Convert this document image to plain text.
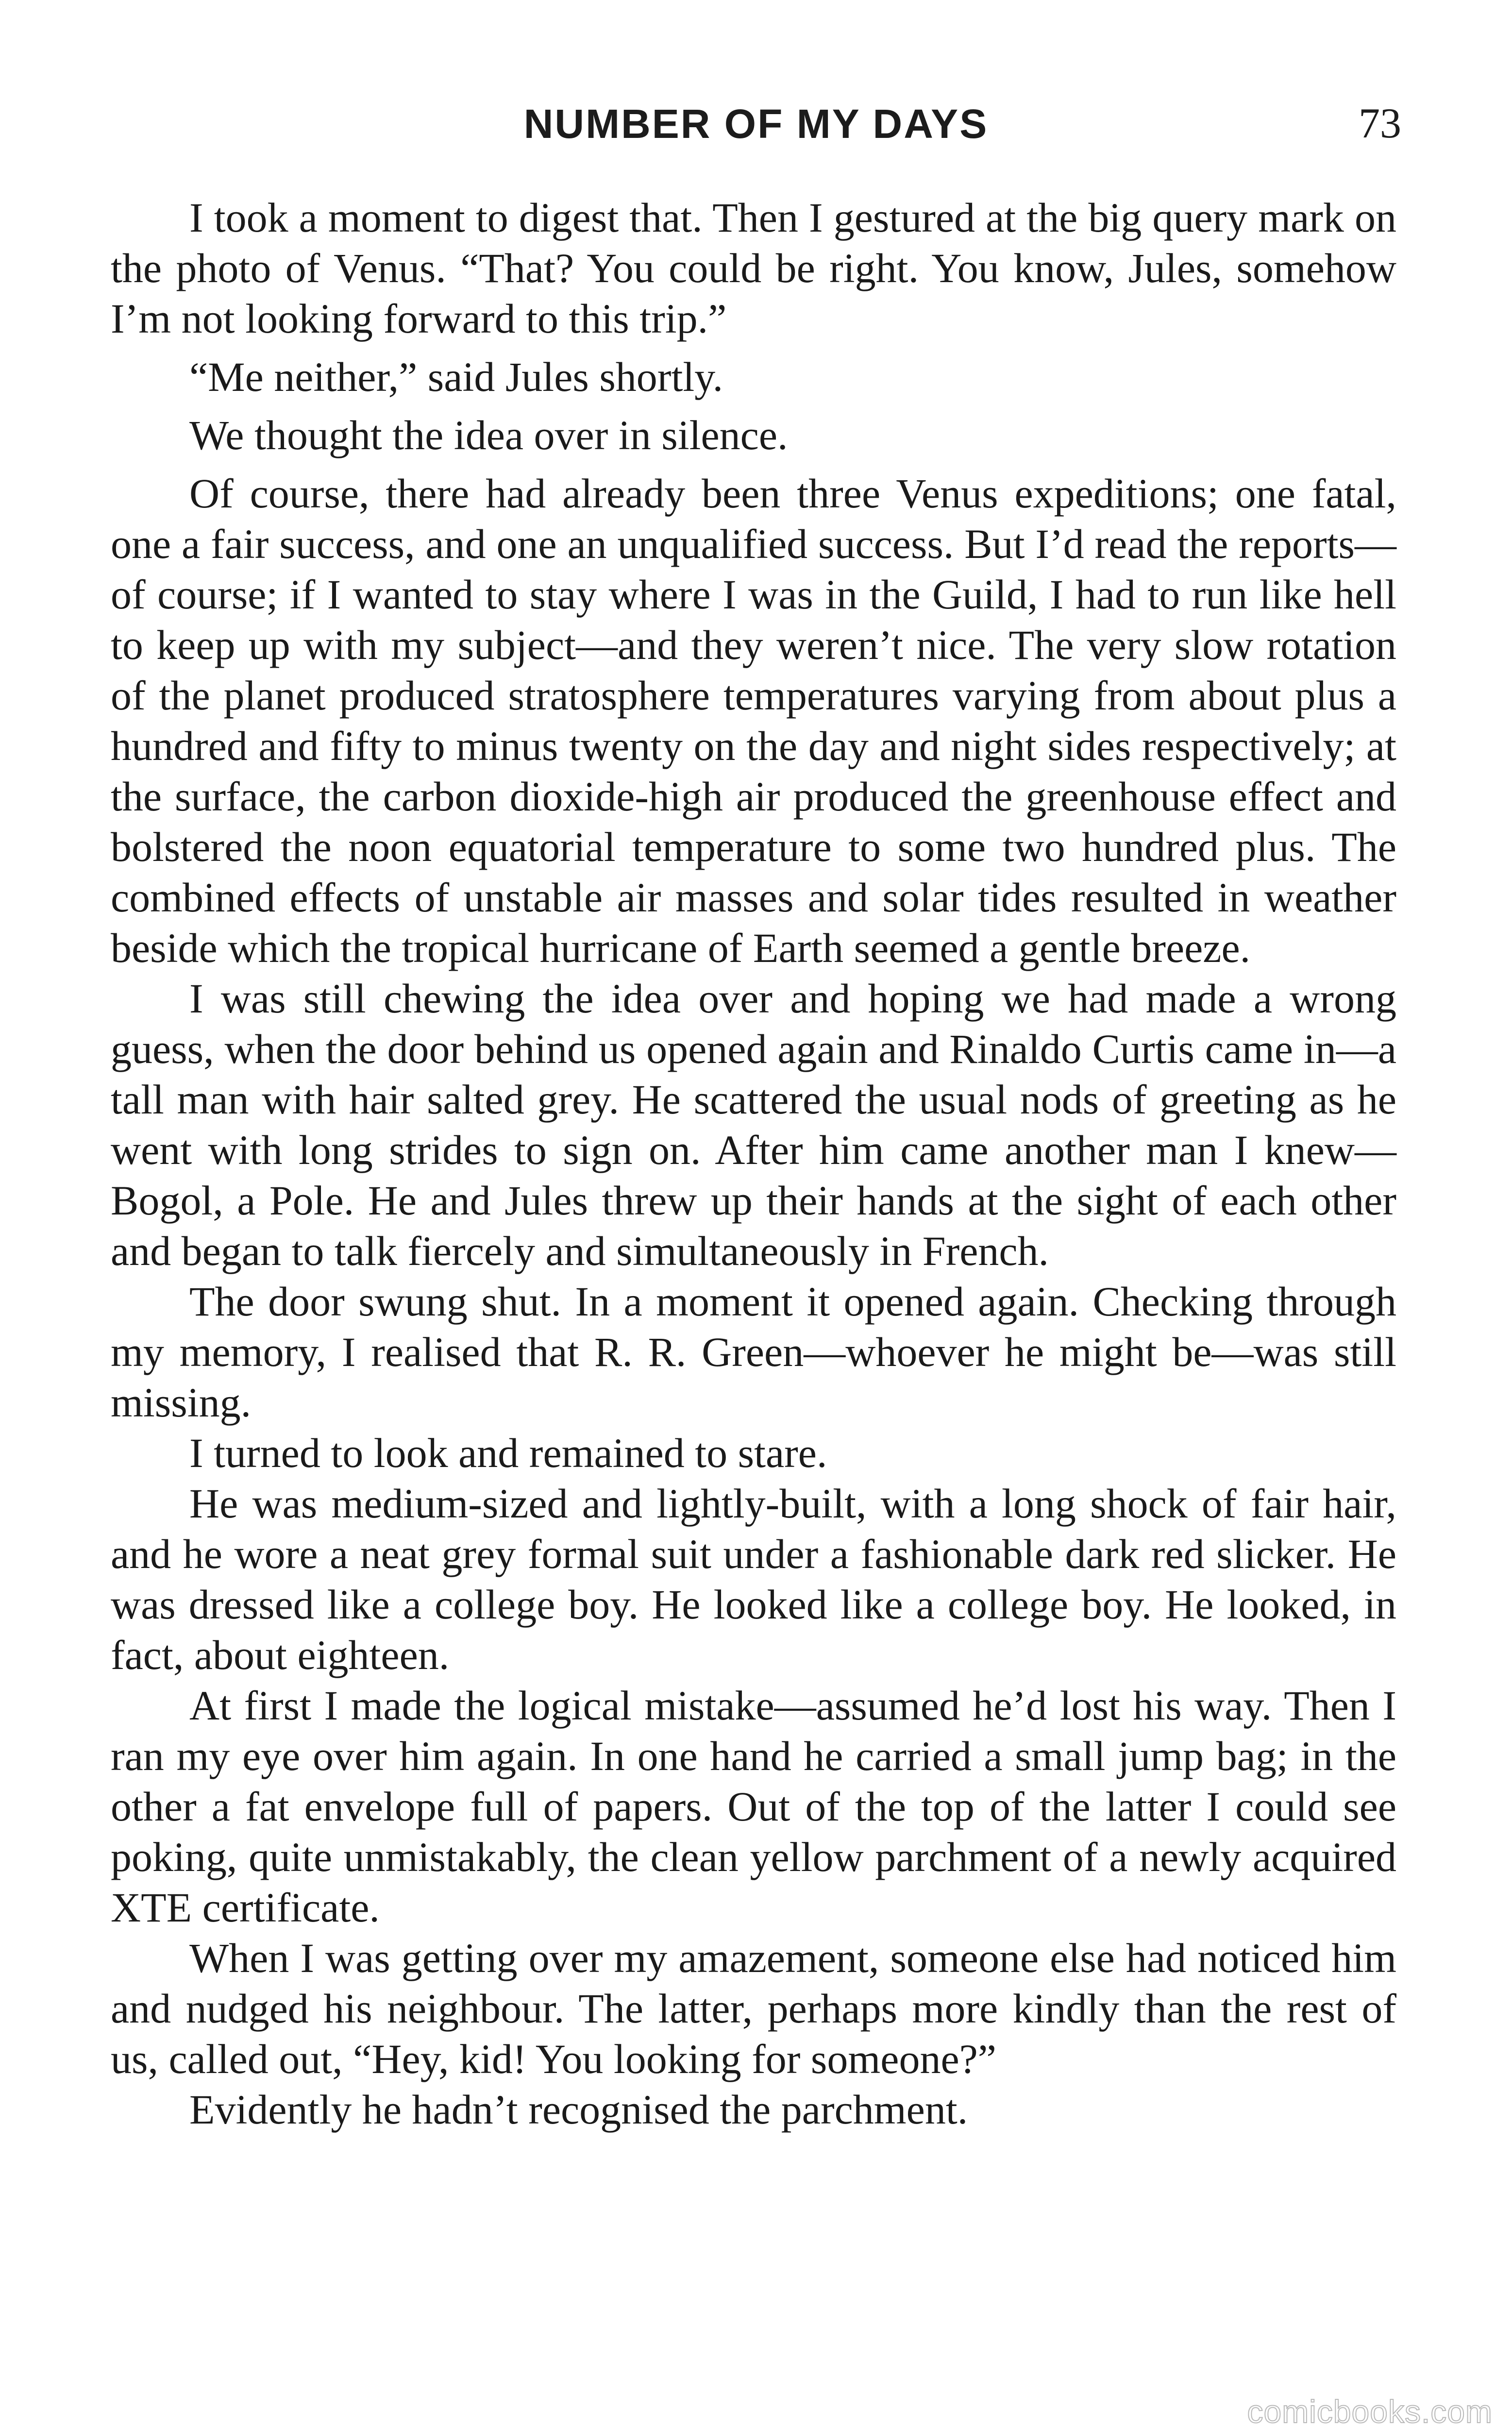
NUMBER OF MY DAYS	73

I took a moment to digest that. Then I gestured at the big query mark on the photo of Venus. “That? You could be right. You know, Jules, somehow I’m not looking forward to this trip.”

“Me neither,” said Jules shortly.

We thought the idea over in silence.

Of course, there had already been three Venus expeditions; one fatal, one a fair success, and one an unqualified success. But I’d read the reports—of course; if I wanted to stay where I was in the Guild, I had to run like hell to keep up with my subject—and they weren’t nice. The very slow rotation of the planet produced stratosphere temperatures varying from about plus a hundred and fifty to minus twenty on the day and night sides respectively; at the surface, the carbon dioxide-high air produced the greenhouse effect and bolstered the noon equatorial temperature to some two hundred plus. The combined effects of unstable air masses and solar tides resulted in weather beside which the tropical hurricane of Earth seemed a gentle breeze.

I was still chewing the idea over and hoping we had made a wrong guess, when the door behind us opened again and Rinaldo Curtis came in—a tall man with hair salted grey. He scattered the usual nods of greeting as he went with long strides to sign on. After him came another man I knew—Bogol, a Pole. He and Jules threw up their hands at the sight of each other and began to talk fiercely and simultaneously in French.

The door swung shut. In a moment it opened again. Checking through my memory, I realised that R. R. Green—whoever he might be—was still missing.

I turned to look and remained to stare.

He was medium-sized and lightly-built, with a long shock of fair hair, and he wore a neat grey formal suit under a fashionable dark red slicker. He was dressed like a college boy. He looked like a college boy. He looked, in fact, about eighteen.

At first I made the logical mistake—assumed he’d lost his way. Then I ran my eye over him again. In one hand he carried a small jump bag; in the other a fat envelope full of papers. Out of the top of the latter I could see poking, quite unmistakably, the clean yellow parchment of a newly acquired XTE certificate.

When I was getting over my amazement, someone else had noticed him and nudged his neighbour. The latter, perhaps more kindly than the rest of us, called out, “Hey, kid! You looking for someone?”

Evidently he hadn’t recognised the parchment.

comicbooks.com
